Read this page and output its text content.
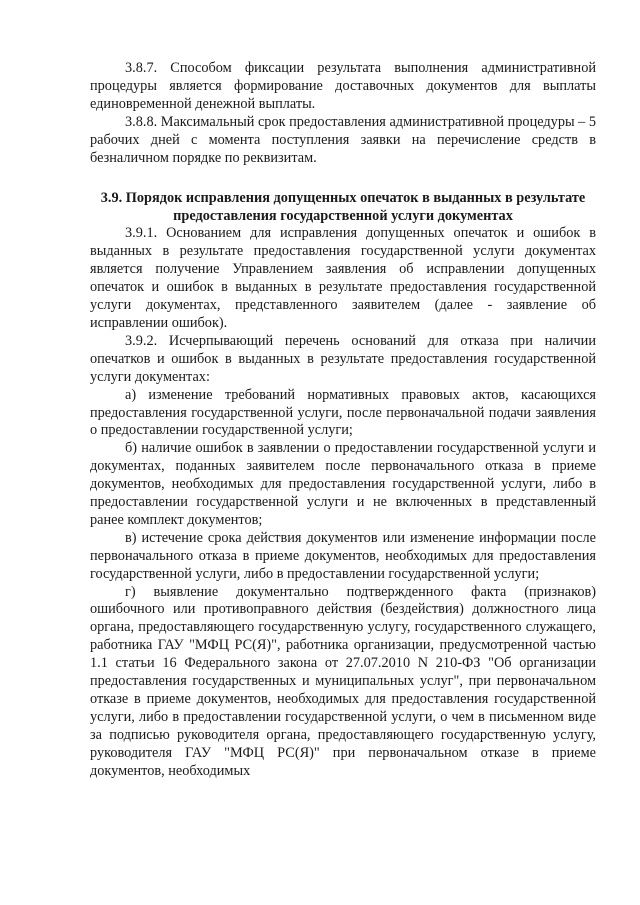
3.8.7. Способом фиксации результата выполнения административной процедуры является формирование доставочных документов для выплаты единовременной денежной выплаты.

3.8.8. Максимальный срок предоставления административной процедуры – 5 рабочих дней с момента поступления заявки на перечисление средств в безналичном порядке по реквизитам.

3.9. Порядок исправления допущенных опечаток в выданных в результате предоставления государственной услуги документах

3.9.1. Основанием для исправления допущенных опечаток и ошибок в выданных в результате предоставления государственной услуги документах является получение Управлением заявления об исправлении допущенных опечаток и ошибок в выданных в результате предоставления государственной услуги документах, представленного заявителем (далее - заявление об исправлении ошибок).

3.9.2. Исчерпывающий перечень оснований для отказа при наличии опечатков и ошибок в выданных в результате предоставления государственной услуги документах:

а) изменение требований нормативных правовых актов, касающихся предоставления государственной услуги, после первоначальной подачи заявления о предоставлении государственной услуги;

б) наличие ошибок в заявлении о предоставлении государственной услуги и документах, поданных заявителем после первоначального отказа в приеме документов, необходимых для предоставления государственной услуги, либо в предоставлении государственной услуги и не включенных в представленный ранее комплект документов;

в) истечение срока действия документов или изменение информации после первоначального отказа в приеме документов, необходимых для предоставления государственной услуги, либо в предоставлении государственной услуги;

г) выявление документально подтвержденного факта (признаков) ошибочного или противоправного действия (бездействия) должностного лица органа, предоставляющего государственную услугу, государственного служащего, работника ГАУ "МФЦ РС(Я)", работника организации, предусмотренной частью 1.1 статьи 16 Федерального закона от 27.07.2010 N 210-ФЗ "Об организации предоставления государственных и муниципальных услуг", при первоначальном отказе в приеме документов, необходимых для предоставления государственной услуги, либо в предоставлении государственной услуги, о чем в письменном виде за подписью руководителя органа, предоставляющего государственную услугу, руководителя ГАУ "МФЦ РС(Я)" при первоначальном отказе в приеме документов, необходимых
